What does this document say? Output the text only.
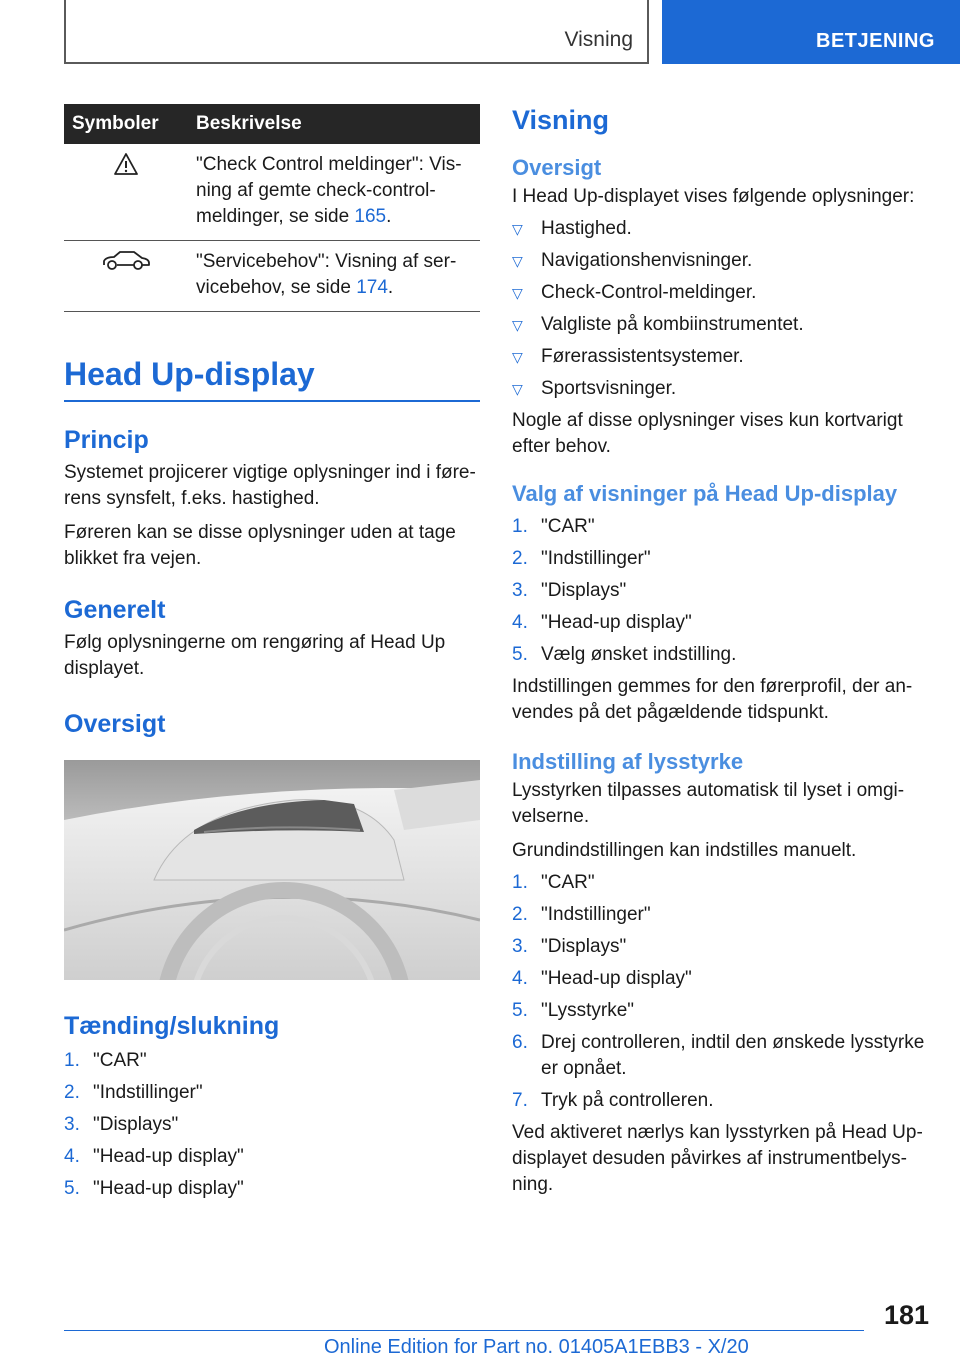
Visning	BETJENING
Symboler	Beskrivelse
	"Check Control meldinger": Vis-ning af gemte check-control-meldinger, se side 165.
	"Servicebehov": Visning af ser-vicebehov, se side 174.
Head Up-display
Princip

Systemet projicerer vigtige oplysninger ind i føre-rens synsfelt, f.eks. hastighed.

Føreren kan se disse oplysninger uden at tage blikket fra vejen.

Generelt

Følg oplysningerne om rengøring af Head Up displayet.

Oversigt
Tænding/slukning
1. "CAR"
2. "Indstillinger"
3. "Displays"
4. "Head-up display"
5. "Head-up display"
Visning
Oversigt

I Head Up-displayet vises følgende oplysninger:

▽ Hastighed.
▽ Navigationshenvisninger.
▽ Check-Control-meldinger.
▽ Valgliste på kombiinstrumentet.
▽ Førerassistentsystemer.
▽ Sportsvisninger.

Nogle af disse oplysninger vises kun kortvarigt efter behov.

Valg af visninger på Head Up-display
1. "CAR"
2. "Indstillinger"
3. "Displays"
4. "Head-up display"
5. Vælg ønsket indstilling.

Indstillingen gemmes for den førerprofil, der an-vendes på det pågældende tidspunkt.

Indstilling af lysstyrke

Lysstyrken tilpasses automatisk til lyset i omgi-velserne.

Grundindstillingen kan indstilles manuelt.

1. "CAR"
2. "Indstillinger"
3. "Displays"
4. "Head-up display"
5. "Lysstyrke"
6. Drej controlleren, indtil den ønskede lysstyrke er opnået.
7. Tryk på controlleren.

Ved aktiveret nærlys kan lysstyrken på Head Up-displayet desuden påvirkes af instrumentbelys-ning.

181
Online Edition for Part no. 01405A1EBB3 - X/20
